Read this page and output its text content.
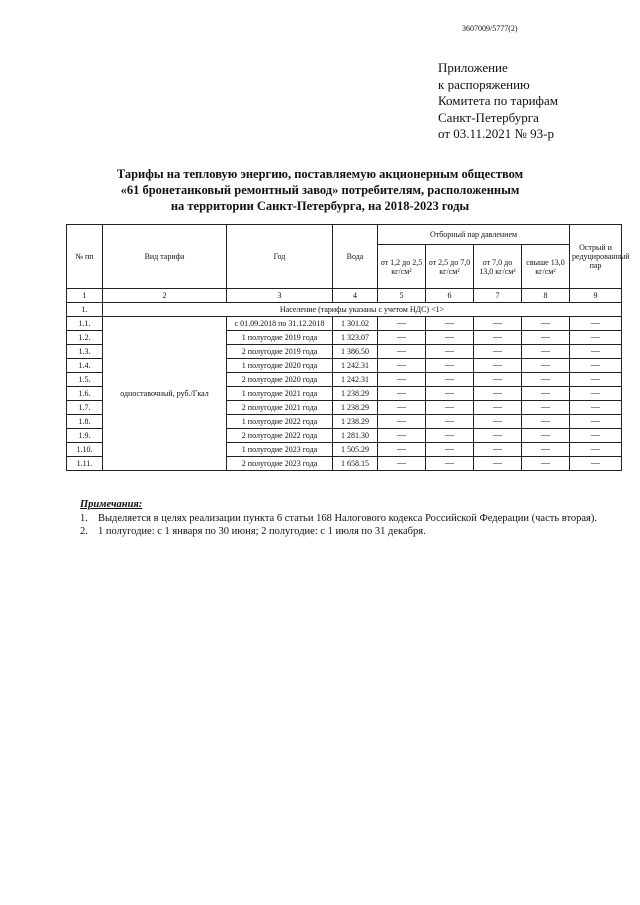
3607009/5777(2)
Приложение
к распоряжению
Комитета по тарифам
Санкт-Петербурга
от 03.11.2021 № 93-р
Тарифы на тепловую энергию, поставляемую акционерным обществом
«61 бронетанковый ремонтный завод» потребителям, расположенным
на территории Санкт-Петербурга, на 2018-2023 годы
№ пп	Вид тарифа	Год	Вода	Отборный пар давлением				Острый и редуцированный пар
				от 1,2 до 2,5 кг/см²	от 2,5 до 7,0 кг/см²	от 7,0 до 13,0 кг/см²	свыше 13,0 кг/см²	
1	2	3	4	5	6	7	8	9
1.	Население (тарифы указаны с учетом НДС) <1>							
1.1.	одноставочный, руб./Гкал	с 01.09.2018 по 31.12.2018	1 301.02	—	—	—	—	—
1.2.		1 полугодие 2019 года	1 323.07	—	—	—	—	—
1.3.		2 полугодие 2019 года	1 386.50	—	—	—	—	—
1.4.		1 полугодие 2020 года	1 242.31	—	—	—	—	—
1.5.		2 полугодие 2020 года	1 242.31	—	—	—	—	—
1.6.		1 полугодие 2021 года	1 238.29	—	—	—	—	—
1.7.		2 полугодие 2021 года	1 238.29	—	—	—	—	—
1.8.		1 полугодие 2022 года	1 238.29	—	—	—	—	—
1.9.		2 полугодие 2022 года	1 281.30	—	—	—	—	—
1.10.		1 полугодие 2023 года	1 505.29	—	—	—	—	—
1.11.		2 полугодие 2023 года	1 658.15	—	—	—	—	—
Примечания:
1. Выделяется в целях реализации пункта 6 статьи 168 Налогового кодекса Российской Федерации (часть вторая).
2. 1 полугодие: с 1 января по 30 июня; 2 полугодие: с 1 июля по 31 декабря.
